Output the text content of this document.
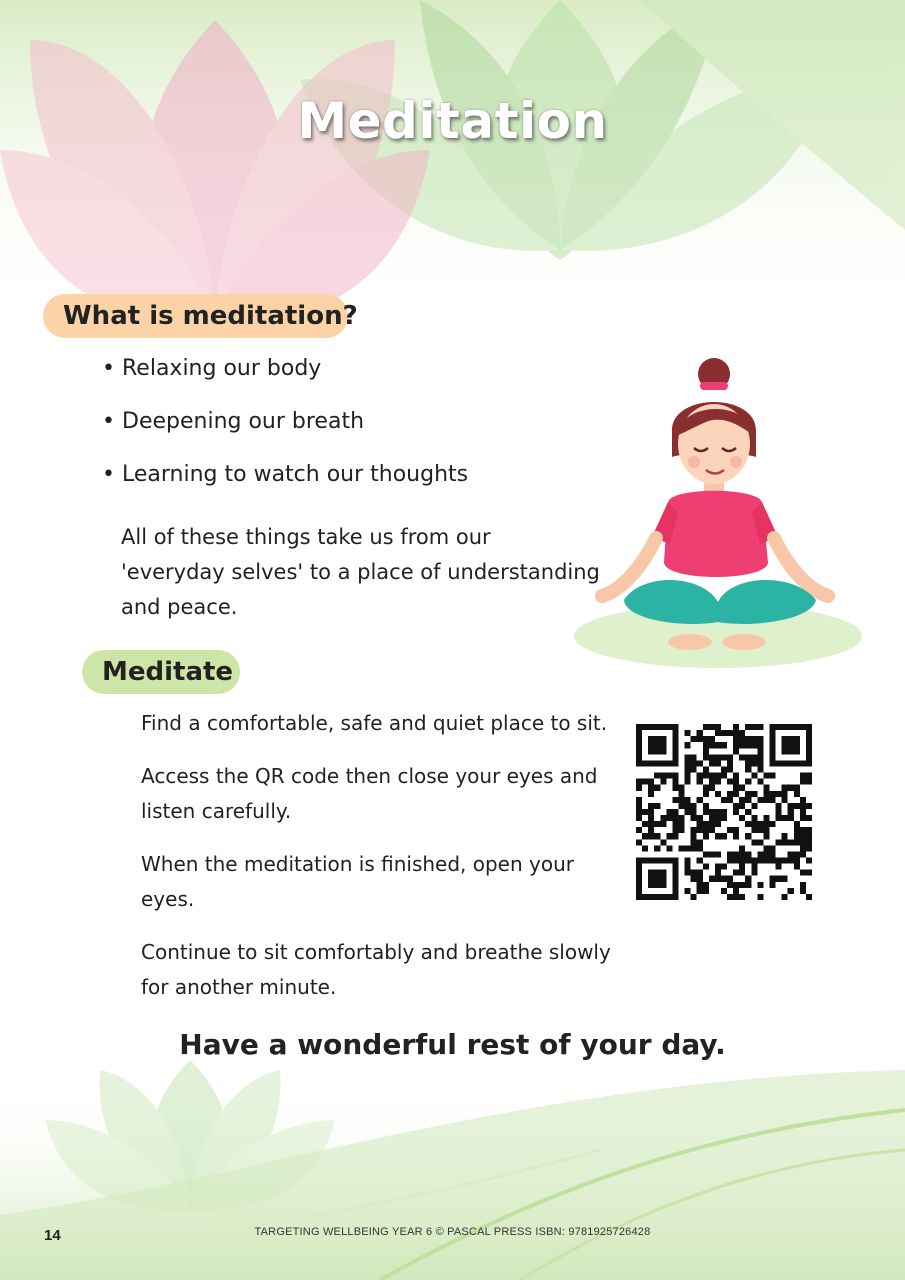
Meditation
What is meditation?
• Relaxing our body
• Deepening our breath
• Learning to watch our thoughts

All of these things take us from our 'everyday selves' to a place of understanding and peace.

Meditate
Find a comfortable, safe and quiet place to sit.
Access the QR code then close your eyes and listen carefully.
When the meditation is finished, open your eyes.
Continue to sit comfortably and breathe slowly for another minute.
Have a wonderful rest of your day.
14	TARGETING WELLBEING YEAR 6 © PASCAL PRESS ISBN: 9781925726428
